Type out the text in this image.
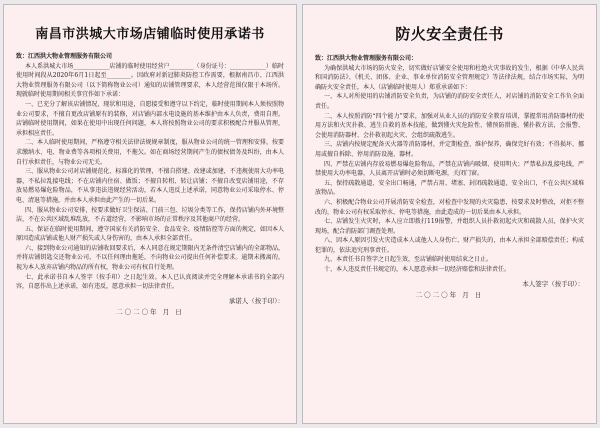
南昌市洪城大市场店铺临时使用承诺书

致：江西洪大物业管理服务有限公司

本人系洪城大市场____________店铺的临时使用经营户________（身份证号：____________）临时使用时间段从2020年6月1日起至________。因政府对新冠肺炎防控工作需要，根据南昌市、江西洪大物业管理服务有限公司（以下简称物业公司）通知的店铺管理要求，本人经营范围仅限于本场所。现就临时使用期间相关事宜作如下承诺：

一、已充分了解该店铺情况，现状和用途，自愿接受和遵守以下约定，临时使用期间本人须按照物业公司要求，不擅自更改店铺原有的装修，对店铺内部水电设施的基本维护由本人负责，费用自理。店铺临时使用期间，如果在使用中出现任何问题，本人将按照物业公司的要求积极配合并服从管理，承担相应责任。

二、本人临时使用期间，严格遵守相关法律法规规章制度，服从物业公司的统一管理和安排，按要求缴纳水、电、物业费等各项相关费用，不拖欠。如在商场经营期间产生的债权债务及纠纷，由本人自行承担责任，与物业公司无关。

三、服从物业公司对店铺规范化、标准化的管理，不擅自搭建、改建或加建，不违规使用大功率电器，不私拉乱接电线；不在店铺内住宿、做饭；不擅自转租、转让店铺；不擅自改变店铺用途，不存放易燃易爆危险物品，不从事违法违规经营活动，若本人违反上述承诺，同意物业公司采取停水、停电、清退等措施，并由本人承担由此产生的一切后果。

四、服从物业公司安排，按要求做好卫生保洁、门前三包、垃圾分类等工作，保持店铺内外环境整洁，不在公共区域乱堆乱放，不占道经营，不影响市场的正常秩序及其他商户的经营。

五、保证在临时使用期间，遵守国家有关消防安全、食品安全、疫情防控等方面的规定，如因本人原因造成店铺或他人财产损失或人身伤害的，由本人承担全部责任。

六、接到物业公司通知的店铺收回要求后，本人同意在规定期限内无条件清空店铺内的全部物品，并将店铺钥匙交还物业公司，不以任何理由拖延，不向物业公司提出任何补偿要求。逾期未搬离的，视为本人放弃店铺内物品的所有权，物业公司有权自行处理。

七、此承诺书自本人签字（按手印）之日起生效。本人已认真阅读并完全理解本承诺书的全部内容，自愿作出上述承诺，如有违反，愿意承担一切法律责任。

承诺人（按手印）：
二〇二〇年 月 日
防火安全责任书

致：江西洪大物业管理服务有限公司：

为确保洪城大市场的防火安全，切实做好店铺安全使用和杜绝火灾事故的发生，根据《中华人民共和国消防法》、《机关、团体、企业、事业单位消防安全管理规定》等法律法规，结合市场实际，为明确防火安全责任，本人（店铺临时使用人）郑重承诺如下：

一、本人对所使用的店铺消防安全负责，为店铺的消防安全责任人，对店铺的消防安全工作负全面责任。

二、本人按照消防“四个能力”要求，加强对从业人员的消防安全教育培训，掌握常用消防器材的使用方法和火灾扑救、逃生自救的基本技能，做到懂火灾危险性、懂预防措施、懂扑救方法，会报警、会使用消防器材、会扑救初起火灾、会组织疏散逃生。

三、店铺内按规定配备灭火器等消防器材，并定期检查、维护保养，确保完好有效；不得损坏、挪用或擅自拆除、停用消防设施、器材。

四、严禁在店铺内存放易燃易爆危险物品，严禁在店铺内吸烟、使用明火；严禁私拉乱接电线，严禁使用大功率电器，人员离开店铺时必须切断电源，关闭门窗。

五、保持疏散通道、安全出口畅通，严禁占用、堵塞、封闭疏散通道、安全出口，不在公共区域堆放物品。

六、积极配合物业公司开展消防安全检查，对检查中发现的火灾隐患，按要求及时整改，对拒不整改的，物业公司有权采取停水、停电等措施，由此造成的一切后果由本人承担。

七、店铺发生火灾时，本人应立即拨打119报警，并组织人员扑救初起火灾和疏散人员，保护火灾现场，配合消防部门调查处理。

八、因本人原因引发火灾造成本人或他人人身伤亡、财产损失的，由本人承担全部赔偿责任；构成犯罪的，依法追究刑事责任。

九、本责任书自签字之日起生效，至店铺临时使用结束之日止。

十、本人违反责任书规定的，本人愿意承担一切经济赔偿和法律责任。

本人签字（按手印）：
二〇二〇年 月 日
